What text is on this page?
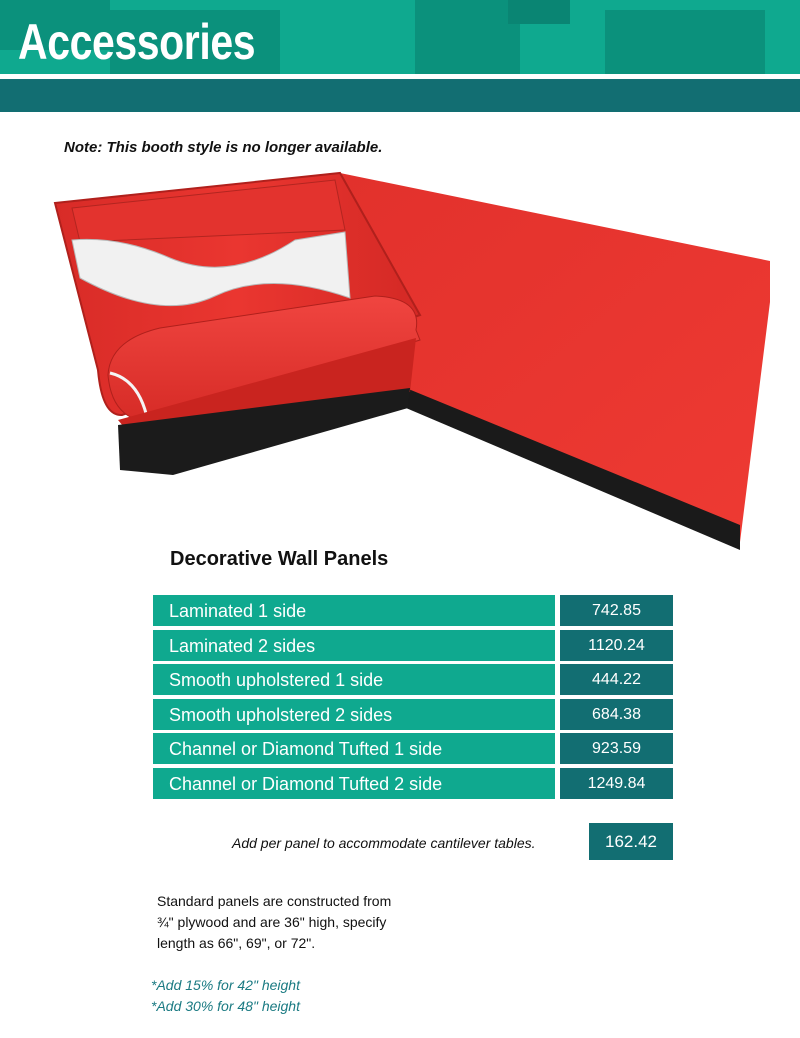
Accessories
Note: This booth style is no longer available.
Decorative Wall Panels
Laminated 1 side	742.85
Laminated 2 sides	1120.24
Smooth upholstered 1 side	444.22
Smooth upholstered 2 sides	684.38
Channel or Diamond Tufted 1 side	923.59
Channel or Diamond Tufted 2 side	1249.84
Add per panel to accommodate cantilever tables.	162.42
Standard panels are constructed from
¾" plywood and are 36" high, specify
length as 66", 69", or 72".
*Add 15% for 42" height
*Add 30% for 48" height
